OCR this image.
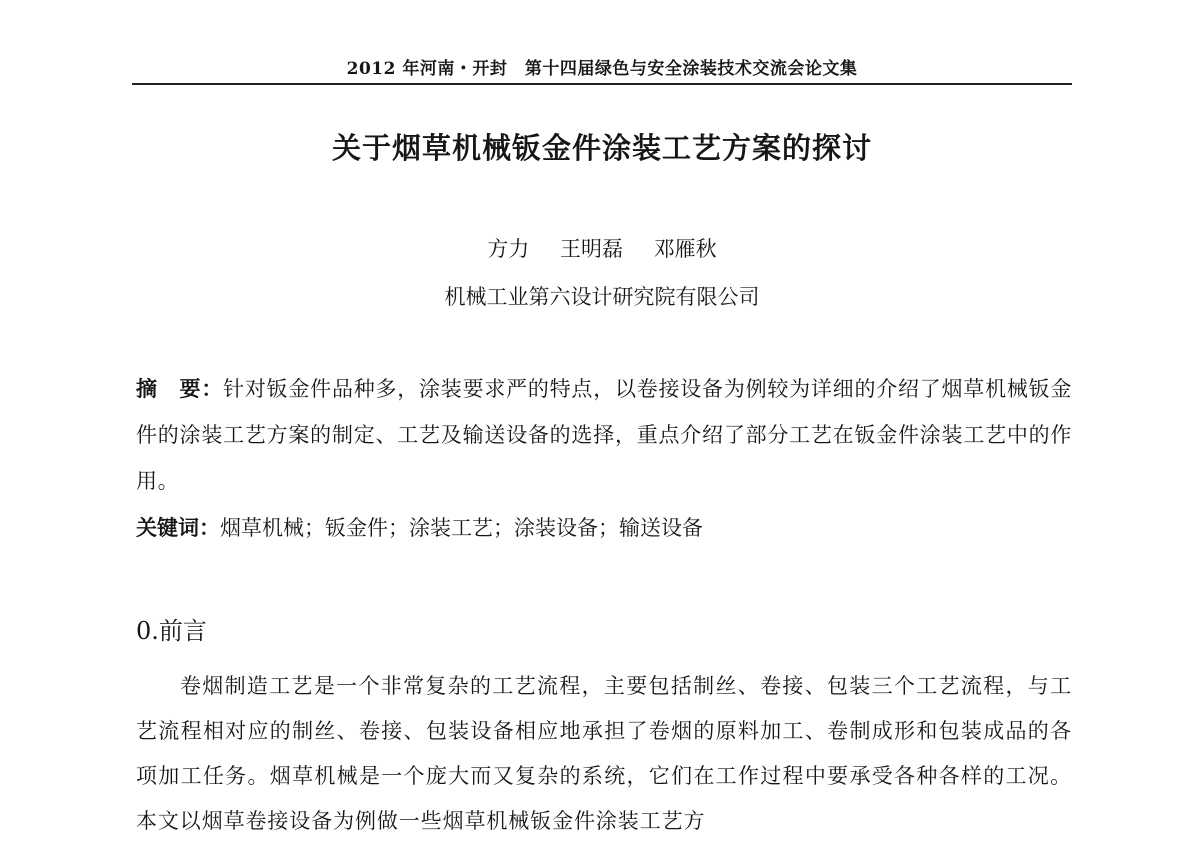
2012 年河南・开封　第十四届绿色与安全涂装技术交流会论文集
关于烟草机械钣金件涂装工艺方案的探讨
方力 王明磊 邓雁秋
机械工业第六设计研究院有限公司
摘　要：针对钣金件品种多，涂装要求严的特点，以卷接设备为例较为详细的介绍了烟草机械钣金件的涂装工艺方案的制定、工艺及输送设备的选择，重点介绍了部分工艺在钣金件涂装工艺中的作用。
关键词：烟草机械；钣金件；涂装工艺；涂装设备；输送设备
0.前言
卷烟制造工艺是一个非常复杂的工艺流程，主要包括制丝、卷接、包装三个工艺流程，与工艺流程相对应的制丝、卷接、包装设备相应地承担了卷烟的原料加工、卷制成形和包装成品的各项加工任务。烟草机械是一个庞大而又复杂的系统，它们在工作过程中要承受各种各样的工况。本文以烟草卷接设备为例做一些烟草机械钣金件涂装工艺方
